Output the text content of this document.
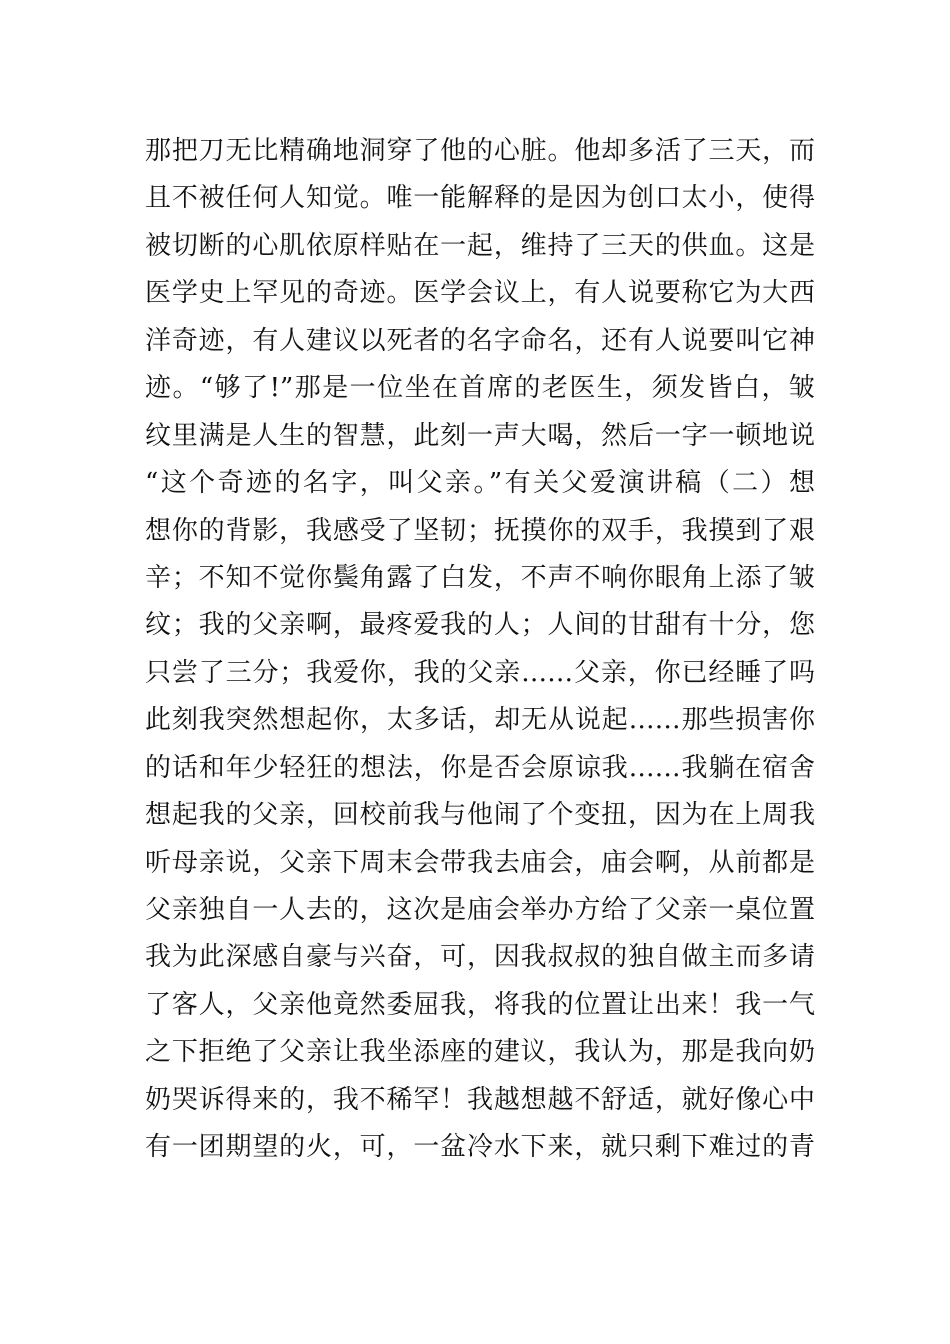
那把刀无比精确地洞穿了他的心脏。他却多活了三天，而
且不被任何人知觉。唯一能解释的是因为创口太小，使得
被切断的心肌依原样贴在一起，维持了三天的供血。这是
医学史上罕见的奇迹。医学会议上，有人说要称它为大西
洋奇迹，有人建议以死者的名字命名，还有人说要叫它神
迹。“够了!”那是一位坐在首席的老医生，须发皆白，皱
纹里满是人生的智慧，此刻一声大喝，然后一字一顿地说
“这个奇迹的名字，叫父亲。”有关父爱演讲稿（二）想
想你的背影，我感受了坚韧；抚摸你的双手，我摸到了艰
辛；不知不觉你鬓角露了白发，不声不响你眼角上添了皱
纹；我的父亲啊，最疼爱我的人；人间的甘甜有十分，您
只尝了三分；我爱你，我的父亲……父亲，你已经睡了吗
此刻我突然想起你，太多话，却无从说起……那些损害你
的话和年少轻狂的想法，你是否会原谅我……我躺在宿舍
想起我的父亲，回校前我与他闹了个变扭，因为在上周我
听母亲说，父亲下周末会带我去庙会，庙会啊，从前都是
父亲独自一人去的，这次是庙会举办方给了父亲一桌位置
我为此深感自豪与兴奋，可，因我叔叔的独自做主而多请
了客人，父亲他竟然委屈我，将我的位置让出来！我一气
之下拒绝了父亲让我坐添座的建议，我认为，那是我向奶
奶哭诉得来的，我不稀罕！我越想越不舒适，就好像心中
有一团期望的火，可，一盆冷水下来，就只剩下难过的青
